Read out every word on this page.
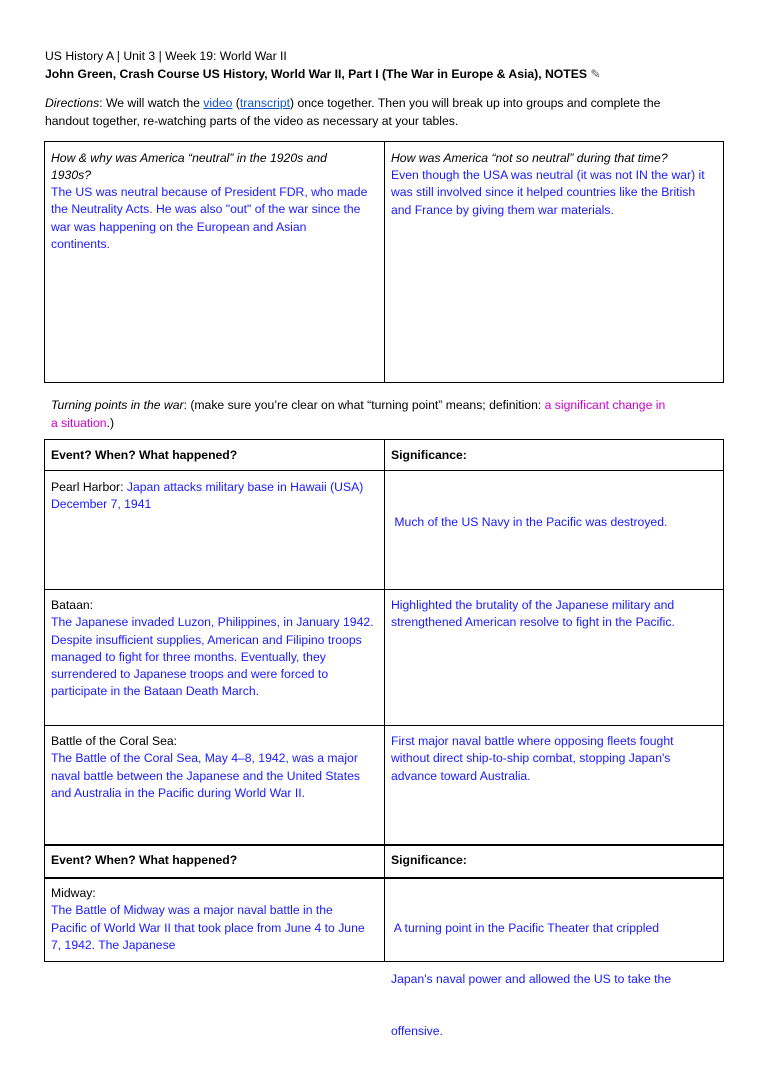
US History A | Unit 3 | Week 19: World War II
John Green, Crash Course US History, World War II, Part I (The War in Europe & Asia), NOTES ✎
Directions: We will watch the video (transcript) once together. Then you will break up into groups and complete the
handout together, re-watching parts of the video as necessary at your tables.
How & why was America “neutral” in the 1920s and
1930s?
The US was neutral because of President FDR, who made
the Neutrality Acts. He was also "out" of the war since the
war was happening on the European and Asian
continents.
How was America “not so neutral” during that time?
Even though the USA was neutral (it was not IN the war) it
was still involved since it helped countries like the British
and France by giving them war materials.
Turning points in the war: (make sure you’re clear on what “turning point” means; definition: a significant change in
a situation.)
Event? When? What happened?	Significance:
Pearl Harbor: Japan attacks military base in Hawaii (USA)
December 7, 1941

Much of the US Navy in the Pacific was destroyed.

Bataan:
The Japanese invaded Luzon, Philippines, in January 1942.
Despite insufficient supplies, American and Filipino troops
managed to fight for three months. Eventually, they
surrendered to Japanese troops and were forced to
participate in the Bataan Death March.
Highlighted the brutality of the Japanese military and
strengthened American resolve to fight in the Pacific.
Battle of the Coral Sea:
The Battle of the Coral Sea, May 4–8, 1942, was a major
naval battle between the Japanese and the United States
and Australia in the Pacific during World War II.
First major naval battle where opposing fleets fought
without direct ship-to-ship combat, stopping Japan's
advance toward Australia.
Event? When? What happened?	Significance:
Midway:
The Battle of Midway was a major naval battle in the
Pacific of World War II that took place from June 4 to June
7, 1942. The Japanese

A turning point in the Pacific Theater that crippled

Japan's naval power and allowed the US to take the

offensive.
